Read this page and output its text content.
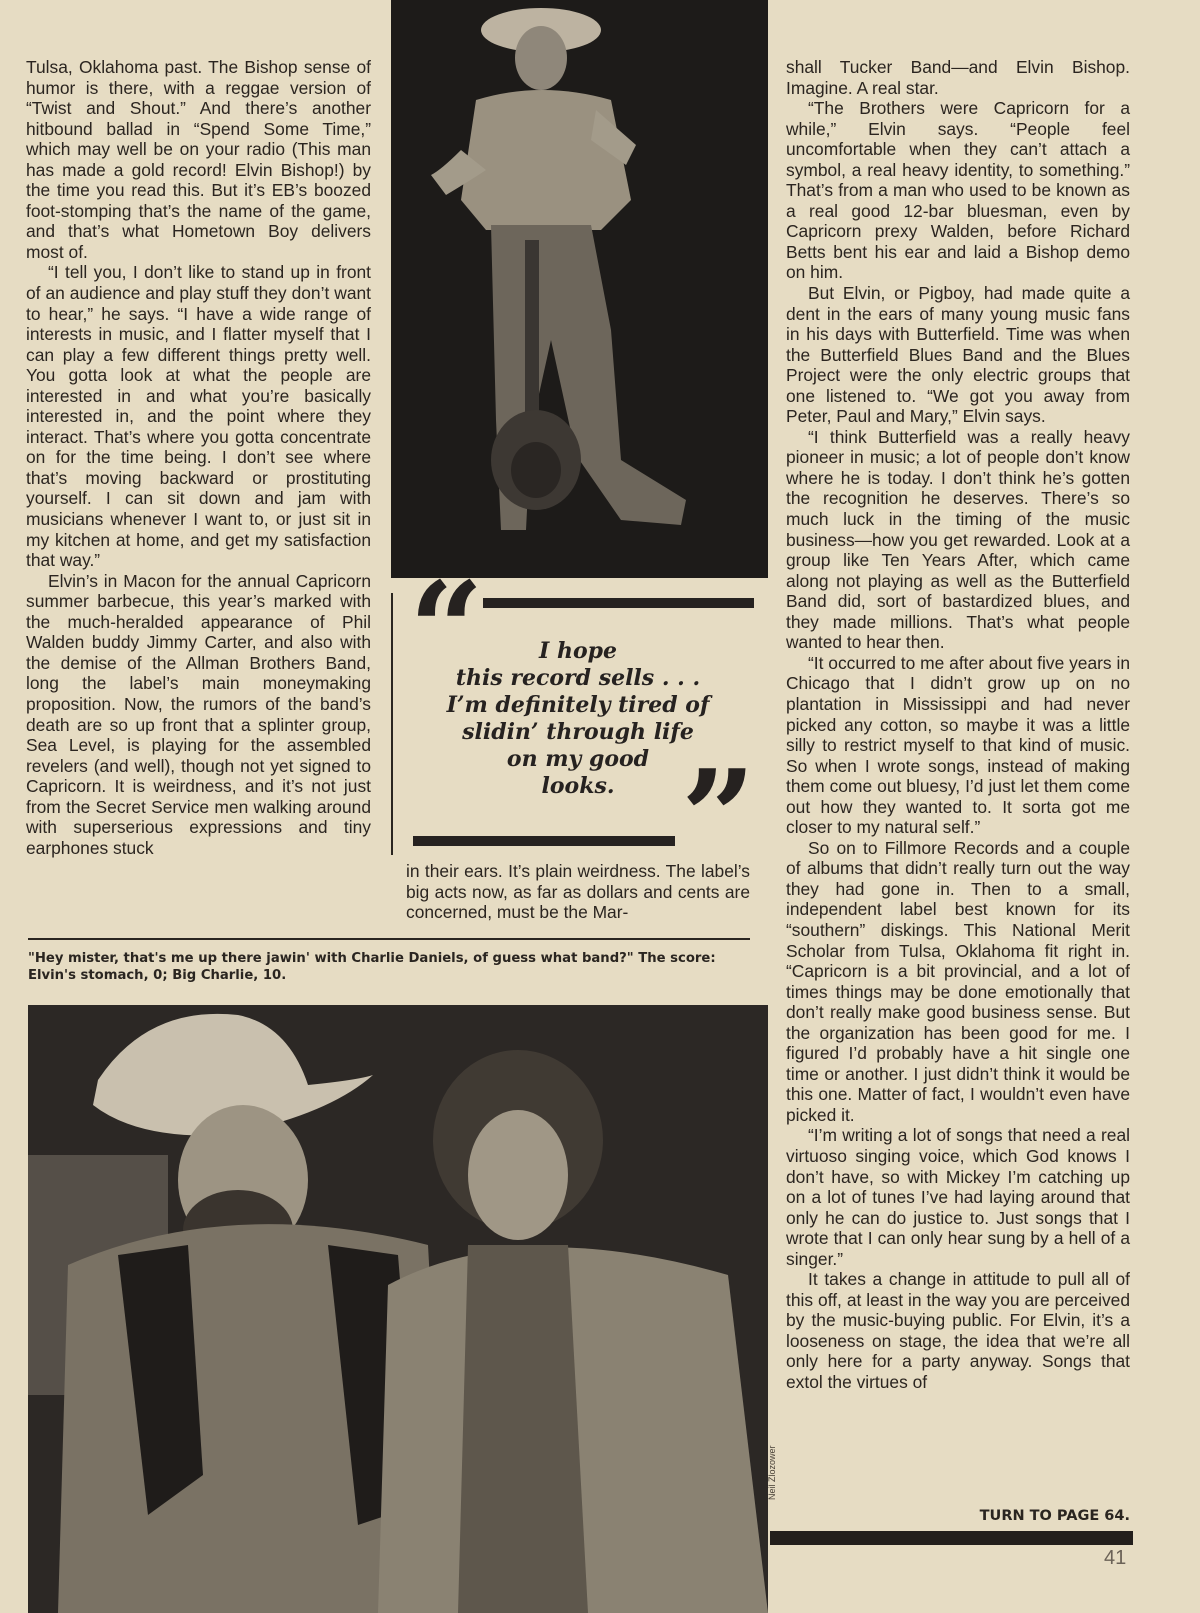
Tulsa, Oklahoma past. The Bishop sense of humor is there, with a reggae version of “Twist and Shout.” And there’s another hitbound ballad in “Spend Some Time,” which may well be on your radio (This man has made a gold record! Elvin Bishop!) by the time you read this. But it’s EB’s boozed foot-stomping that’s the name of the game, and that’s what Hometown Boy delivers most of.

“I tell you, I don’t like to stand up in front of an audience and play stuff they don’t want to hear,” he says. “I have a wide range of interests in music, and I flatter myself that I can play a few different things pretty well. You gotta look at what the people are interested in and what you’re basically interested in, and the point where they interact. That’s where you gotta concentrate on for the time being. I don’t see where that’s moving backward or prostituting yourself. I can sit down and jam with musicians whenever I want to, or just sit in my kitchen at home, and get my satisfaction that way.”

Elvin’s in Macon for the annual Capricorn summer barbecue, this year’s marked with the much-heralded appearance of Phil Walden buddy Jimmy Carter, and also with the demise of the Allman Brothers Band, long the label’s main moneymaking proposition. Now, the rumors of the band’s death are so up front that a splinter group, Sea Level, is playing for the assembled revelers (and well), though not yet signed to Capricorn. It is weirdness, and it’s not just from the Secret Service men walking around with superserious expressions and tiny earphones stuck

“	I hope
this record sells . . .
I’m definitely tired of
slidin’ through life
on my good
looks. ”

in their ears. It’s plain weirdness. The label’s big acts now, as far as dollars and cents are concerned, must be the Mar-

shall Tucker Band—and Elvin Bishop. Imagine. A real star.

“The Brothers were Capricorn for a while,” Elvin says. “People feel uncomfortable when they can’t attach a symbol, a real heavy identity, to something.” That’s from a man who used to be known as a real good 12-bar bluesman, even by Capricorn prexy Walden, before Richard Betts bent his ear and laid a Bishop demo on him.

But Elvin, or Pigboy, had made quite a dent in the ears of many young music fans in his days with Butterfield. Time was when the Butterfield Blues Band and the Blues Project were the only electric groups that one listened to. “We got you away from Peter, Paul and Mary,” Elvin says.

“I think Butterfield was a really heavy pioneer in music; a lot of people don’t know where he is today. I don’t think he’s gotten the recognition he deserves. There’s so much luck in the timing of the music business—how you get rewarded. Look at a group like Ten Years After, which came along not playing as well as the Butterfield Band did, sort of bastardized blues, and they made millions. That’s what people wanted to hear then.

“It occurred to me after about five years in Chicago that I didn’t grow up on no plantation in Mississippi and had never picked any cotton, so maybe it was a little silly to restrict myself to that kind of music. So when I wrote songs, instead of making them come out bluesy, I’d just let them come out how they wanted to. It sorta got me closer to my natural self.”

So on to Fillmore Records and a couple of albums that didn’t really turn out the way they had gone in. Then to a small, independent label best known for its “southern” diskings. This National Merit Scholar from Tulsa, Oklahoma fit right in. “Capricorn is a bit provincial, and a lot of times things may be done emotionally that don’t really make good business sense. But the organization has been good for me. I figured I’d probably have a hit single one time or another. I just didn’t think it would be this one. Matter of fact, I wouldn’t even have picked it.

“I’m writing a lot of songs that need a real virtuoso singing voice, which God knows I don’t have, so with Mickey I’m catching up on a lot of tunes I’ve had laying around that only he can do justice to. Just songs that I wrote that I can only hear sung by a hell of a singer.”

It takes a change in attitude to pull all of this off, at least in the way you are perceived by the music-buying public. For Elvin, it’s a looseness on stage, the idea that we’re all only here for a party anyway. Songs that extol the virtues of

"Hey mister, that's me up there jawin' with Charlie Daniels, of guess what band?" The score: Elvin's stomach, 0; Big Charlie, 10.
Neil Zlozower
TURN TO PAGE 64.
41
